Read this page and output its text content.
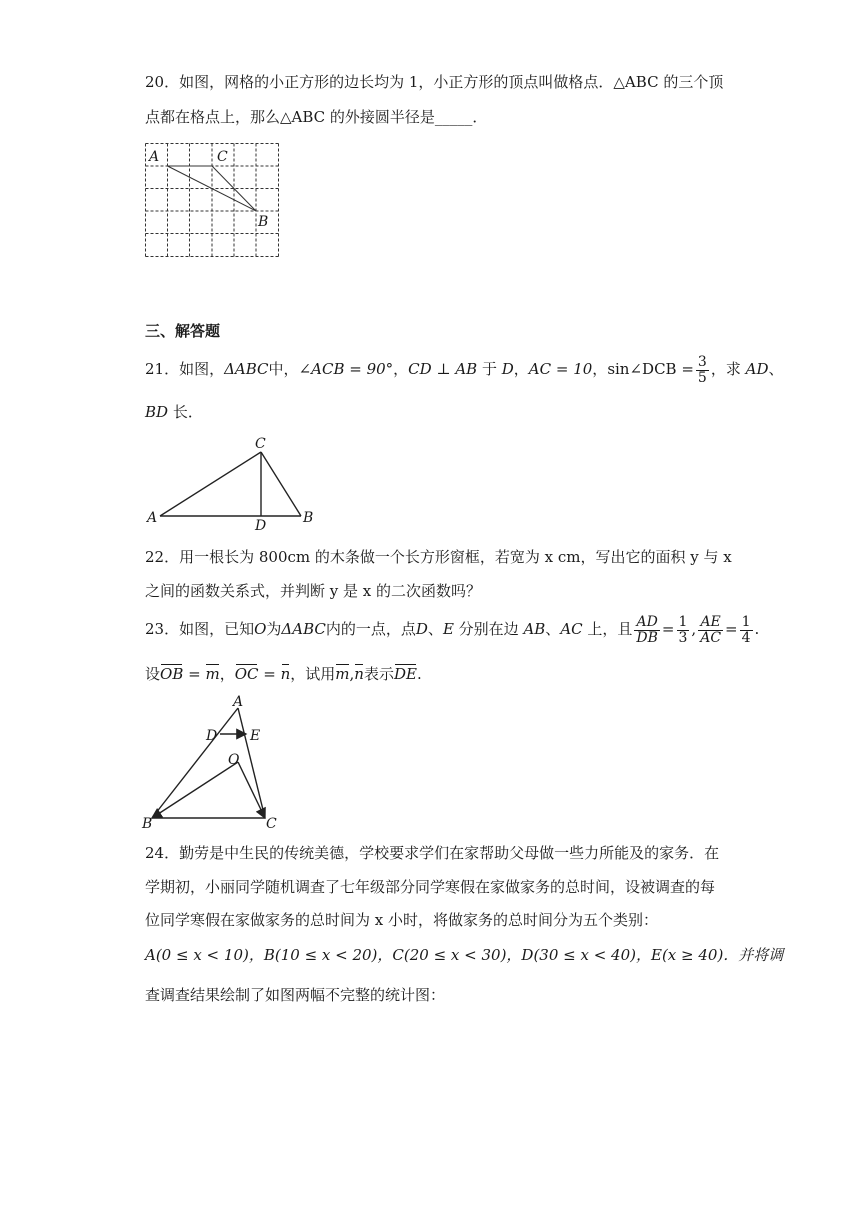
20．如图，网格的小正方形的边长均为 1，小正方形的顶点叫做格点．△ABC 的三个顶
点都在格点上，那么△ABC 的外接圆半径是_____．
A	C
B
三、解答题
21．如图，ΔABC中，∠ACB = 90°，CD ⊥ AB 于 D，AC = 10，sin∠DCB = $\frac{3}{5}$ ，求 AD、
BD 长．
C
A	D	B
22．用一根长为 800cm 的木条做一个长方形窗框，若宽为 x cm，写出它的面积 y 与 x
之间的函数关系式，并判断 y 是 x 的二次函数吗？
23．如图，已知O为ΔABC内的一点，点D、E 分别在边 AB、AC 上，且 $\frac{AD}{DB} = \frac{1}{3}$ , $\frac{AE}{AC} = \frac{1}{4}$ .
设OB = m，OC = n，试用m,n表示DE.
A
D E
O
B	C
24．勤劳是中生民的传统美德，学校要求学们在家帮助父母做一些力所能及的家务．在
学期初，小丽同学随机调查了七年级部分同学寒假在家做家务的总时间，设被调查的每
位同学寒假在家做家务的总时间为 x 小时，将做家务的总时间分为五个类别：
A(0 ≤ x < 10)，B(10 ≤ x < 20)，C(20 ≤ x < 30)，D(30 ≤ x < 40)，E(x ≥ 40)．并将调
查调查结果绘制了如图两幅不完整的统计图：
